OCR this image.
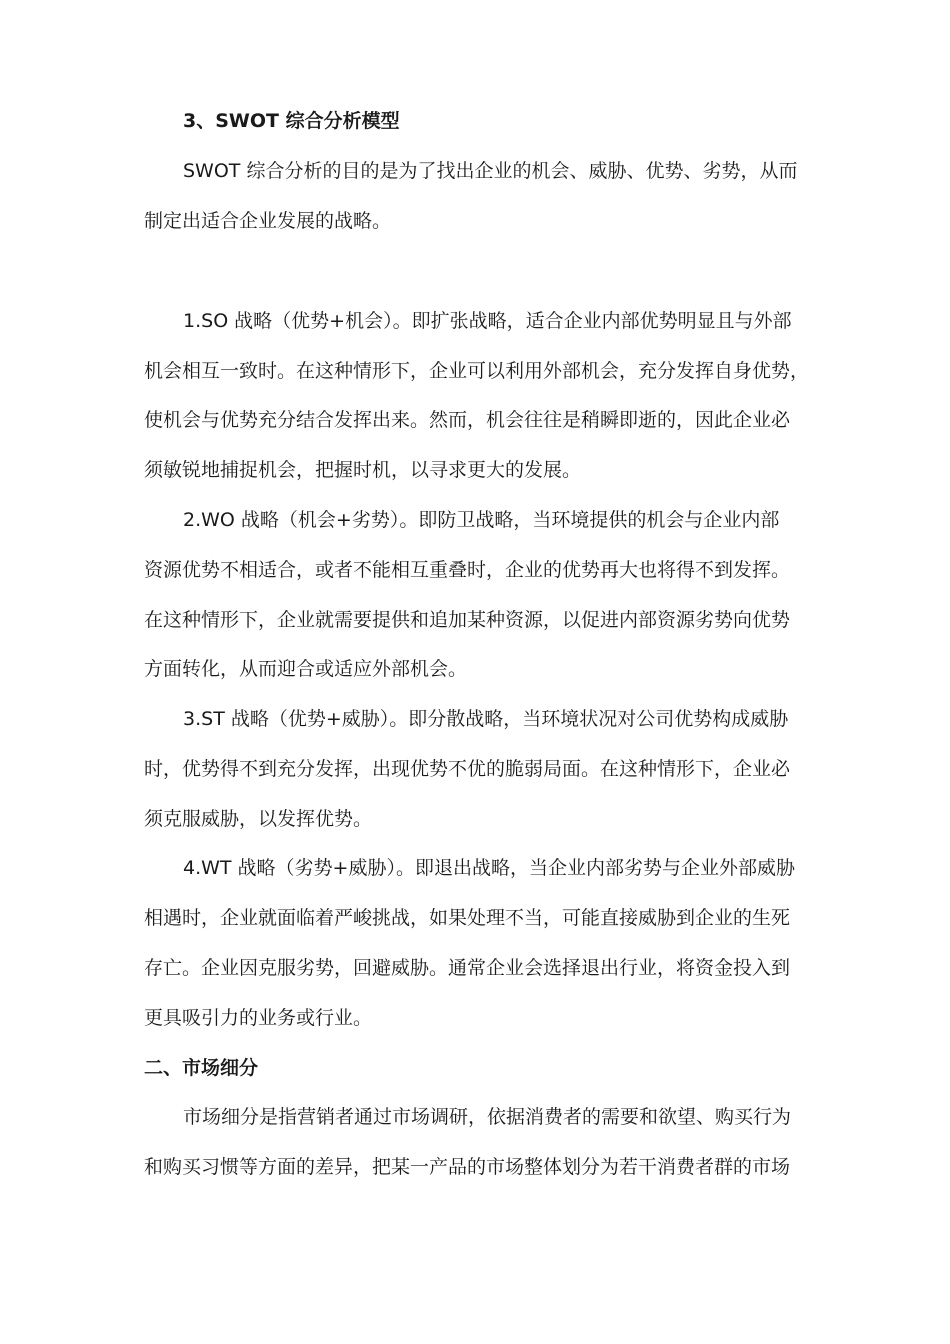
3、SWOT 综合分析模型
SWOT 综合分析的目的是为了找出企业的机会、威胁、优势、劣势，从而
制定出适合企业发展的战略。
1.SO 战略（优势+机会）。即扩张战略，适合企业内部优势明显且与外部
机会相互一致时。在这种情形下，企业可以利用外部机会，充分发挥自身优势，
使机会与优势充分结合发挥出来。然而，机会往往是稍瞬即逝的，因此企业必
须敏锐地捕捉机会，把握时机，以寻求更大的发展。
2.WO 战略（机会+劣势）。即防卫战略，当环境提供的机会与企业内部
资源优势不相适合，或者不能相互重叠时，企业的优势再大也将得不到发挥。
在这种情形下，企业就需要提供和追加某种资源，以促进内部资源劣势向优势
方面转化，从而迎合或适应外部机会。
3.ST 战略（优势+威胁）。即分散战略，当环境状况对公司优势构成威胁
时，优势得不到充分发挥，出现优势不优的脆弱局面。在这种情形下，企业必
须克服威胁，以发挥优势。
4.WT 战略（劣势+威胁）。即退出战略，当企业内部劣势与企业外部威胁
相遇时，企业就面临着严峻挑战，如果处理不当，可能直接威胁到企业的生死
存亡。企业因克服劣势，回避威胁。通常企业会选择退出行业，将资金投入到
更具吸引力的业务或行业。
二、市场细分
市场细分是指营销者通过市场调研，依据消费者的需要和欲望、购买行为
和购买习惯等方面的差异，把某一产品的市场整体划分为若干消费者群的市场
